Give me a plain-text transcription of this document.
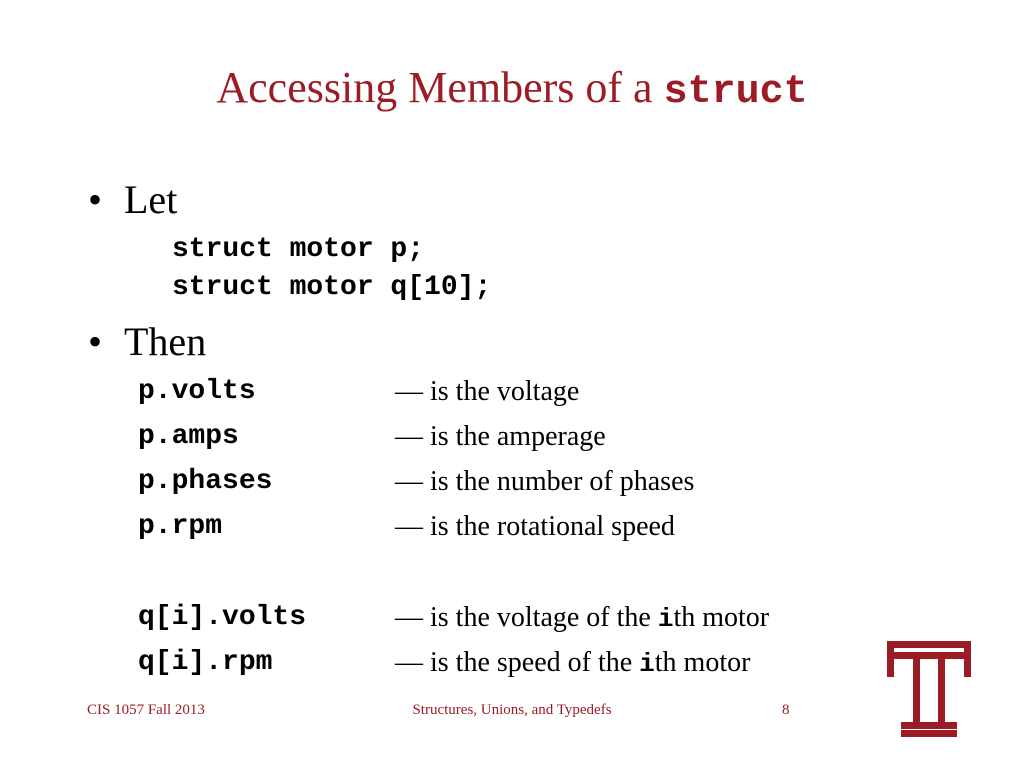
Accessing Members of a struct
• Let
struct motor p;
struct motor q[10];
• Then
p.volts	— is the voltage
p.amps	— is the amperage
p.phases	— is the number of phases
p.rpm	— is the rotational speed
q[i].volts	— is the voltage of the ith motor
q[i].rpm	— is the speed of the ith motor
CIS 1057 Fall 2013	Structures, Unions, and Typedefs	8
